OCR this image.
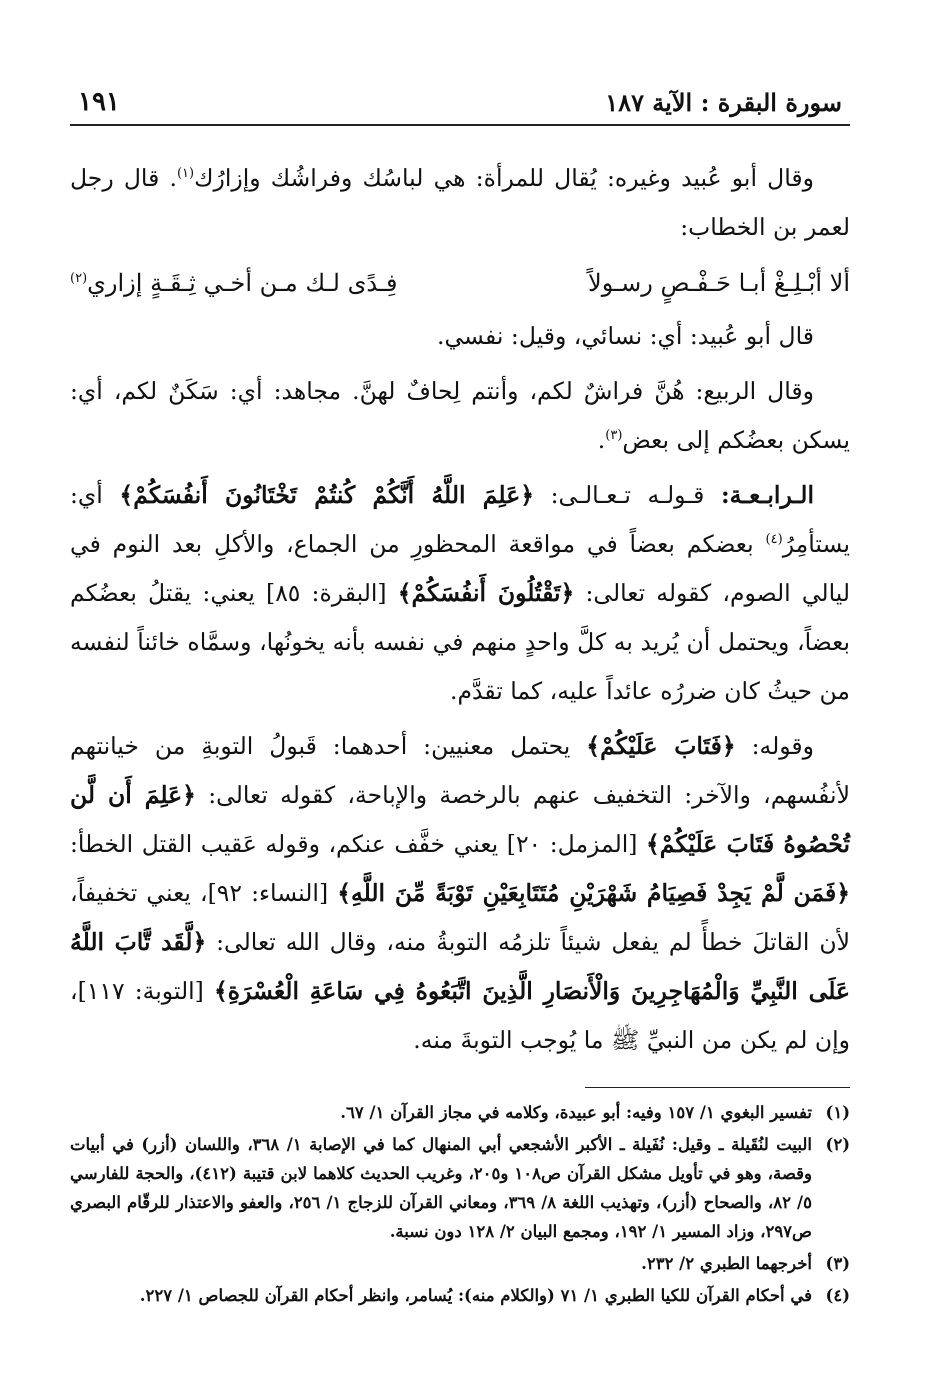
سورة البقرة : الآية ١٨٧
١٩١

وقال أبو عُبيد وغيره: يُقال للمرأة: هي لباسُك وفراشُك وإزارُك$^{(١)}$. قال رجل لعمر بن الخطاب:

ألا أبْـلِـغْ أبـا حَـفْـصٍ رسـولاً
فِـدًى لـك مـن أخـي ثِـقَـةٍ إزاري$^{(٢)}$

قال أبو عُبيد: أي: نسائي، وقيل: نفسي.

وقال الربيع: هُنَّ فراشٌ لكم، وأنتم لِحافٌ لهنَّ. مجاهد: أي: سَكَنٌ لكم، أي: يسكن بعضُكم إلى بعض$^{(٣)}$.

الـرابـعـة: قـولـه تـعـالـى: ﴿عَلِمَ اللَّهُ أَنَّكُمْ كُنتُمْ تَخْتَانُونَ أَنفُسَكُمْ﴾ أي: يستأمِرُ$^{(٤)}$ بعضكم بعضاً في مواقعة المحظورِ من الجماع، والأكلِ بعد النوم في ليالي الصوم، كقوله تعالى: ﴿تَقْتُلُونَ أَنفُسَكُمْ﴾ [البقرة: ٨٥] يعني: يقتلُ بعضُكم بعضاً، ويحتمل أن يُريد به كلَّ واحدٍ منهم في نفسه بأنه يخونُها، وسمَّاه خائناً لنفسه من حيثُ كان ضررُه عائداً عليه، كما تقدَّم.

وقوله: ﴿فَتَابَ عَلَيْكُمْ﴾ يحتمل معنيين: أحدهما: قَبولُ التوبةِ من خيانتهم لأنفُسهم، والآخر: التخفيف عنهم بالرخصة والإباحة، كقوله تعالى: ﴿عَلِمَ أَن لَّن تُحْصُوهُ فَتَابَ عَلَيْكُمْ﴾ [المزمل: ٢٠] يعني خفَّف عنكم، وقوله عَقيب القتل الخطأ: ﴿فَمَن لَّمْ يَجِدْ فَصِيَامُ شَهْرَيْنِ مُتَتَابِعَيْنِ تَوْبَةً مِّنَ اللَّهِ﴾ [النساء: ٩٢]، يعني تخفيفاً، لأن القاتلَ خطأً لم يفعل شيئاً تلزمُه التوبةُ منه، وقال الله تعالى: ﴿لَّقَد تَّابَ اللَّهُ عَلَى النَّبِيِّ وَالْمُهَاجِرِينَ وَالْأَنصَارِ الَّذِينَ اتَّبَعُوهُ فِي سَاعَةِ الْعُسْرَةِ﴾ [التوبة: ١١٧]، وإن لم يكن من النبيِّ ﷺ ما يُوجب التوبةَ منه.

(١)
تفسير البغوي ١/ ١٥٧ وفيه: أبو عبيدة، وكلامه في مجاز القرآن ١/ ٦٧.
(٢)
البيت لنُقَيلة ـ وقيل: نُفَيلة ـ الأكبر الأشجعي أبي المنهال كما في الإصابة ١/ ٣٦٨، واللسان (أزر) في أبيات وقصة، وهو في تأويل مشكل القرآن ص١٠٨ و٢٠٥، وغريب الحديث كلاهما لابن قتيبة (٤١٢)، والحجة للفارسي ٥/ ٨٢، والصحاح (أزر)، وتهذيب اللغة ٨/ ٣٦٩، ومعاني القرآن للزجاج ١/ ٢٥٦، والعفو والاعتذار للرقّام البصري ص٢٩٧، وزاد المسير ١/ ١٩٢، ومجمع البيان ٢/ ١٢٨ دون نسبة.
(٣)
أخرجهما الطبري ٢/ ٢٣٢.
(٤)
في أحكام القرآن للكيا الطبري ١/ ٧١ (والكلام منه): يُسامر، وانظر أحكام القرآن للجصاص ١/ ٢٢٧.
